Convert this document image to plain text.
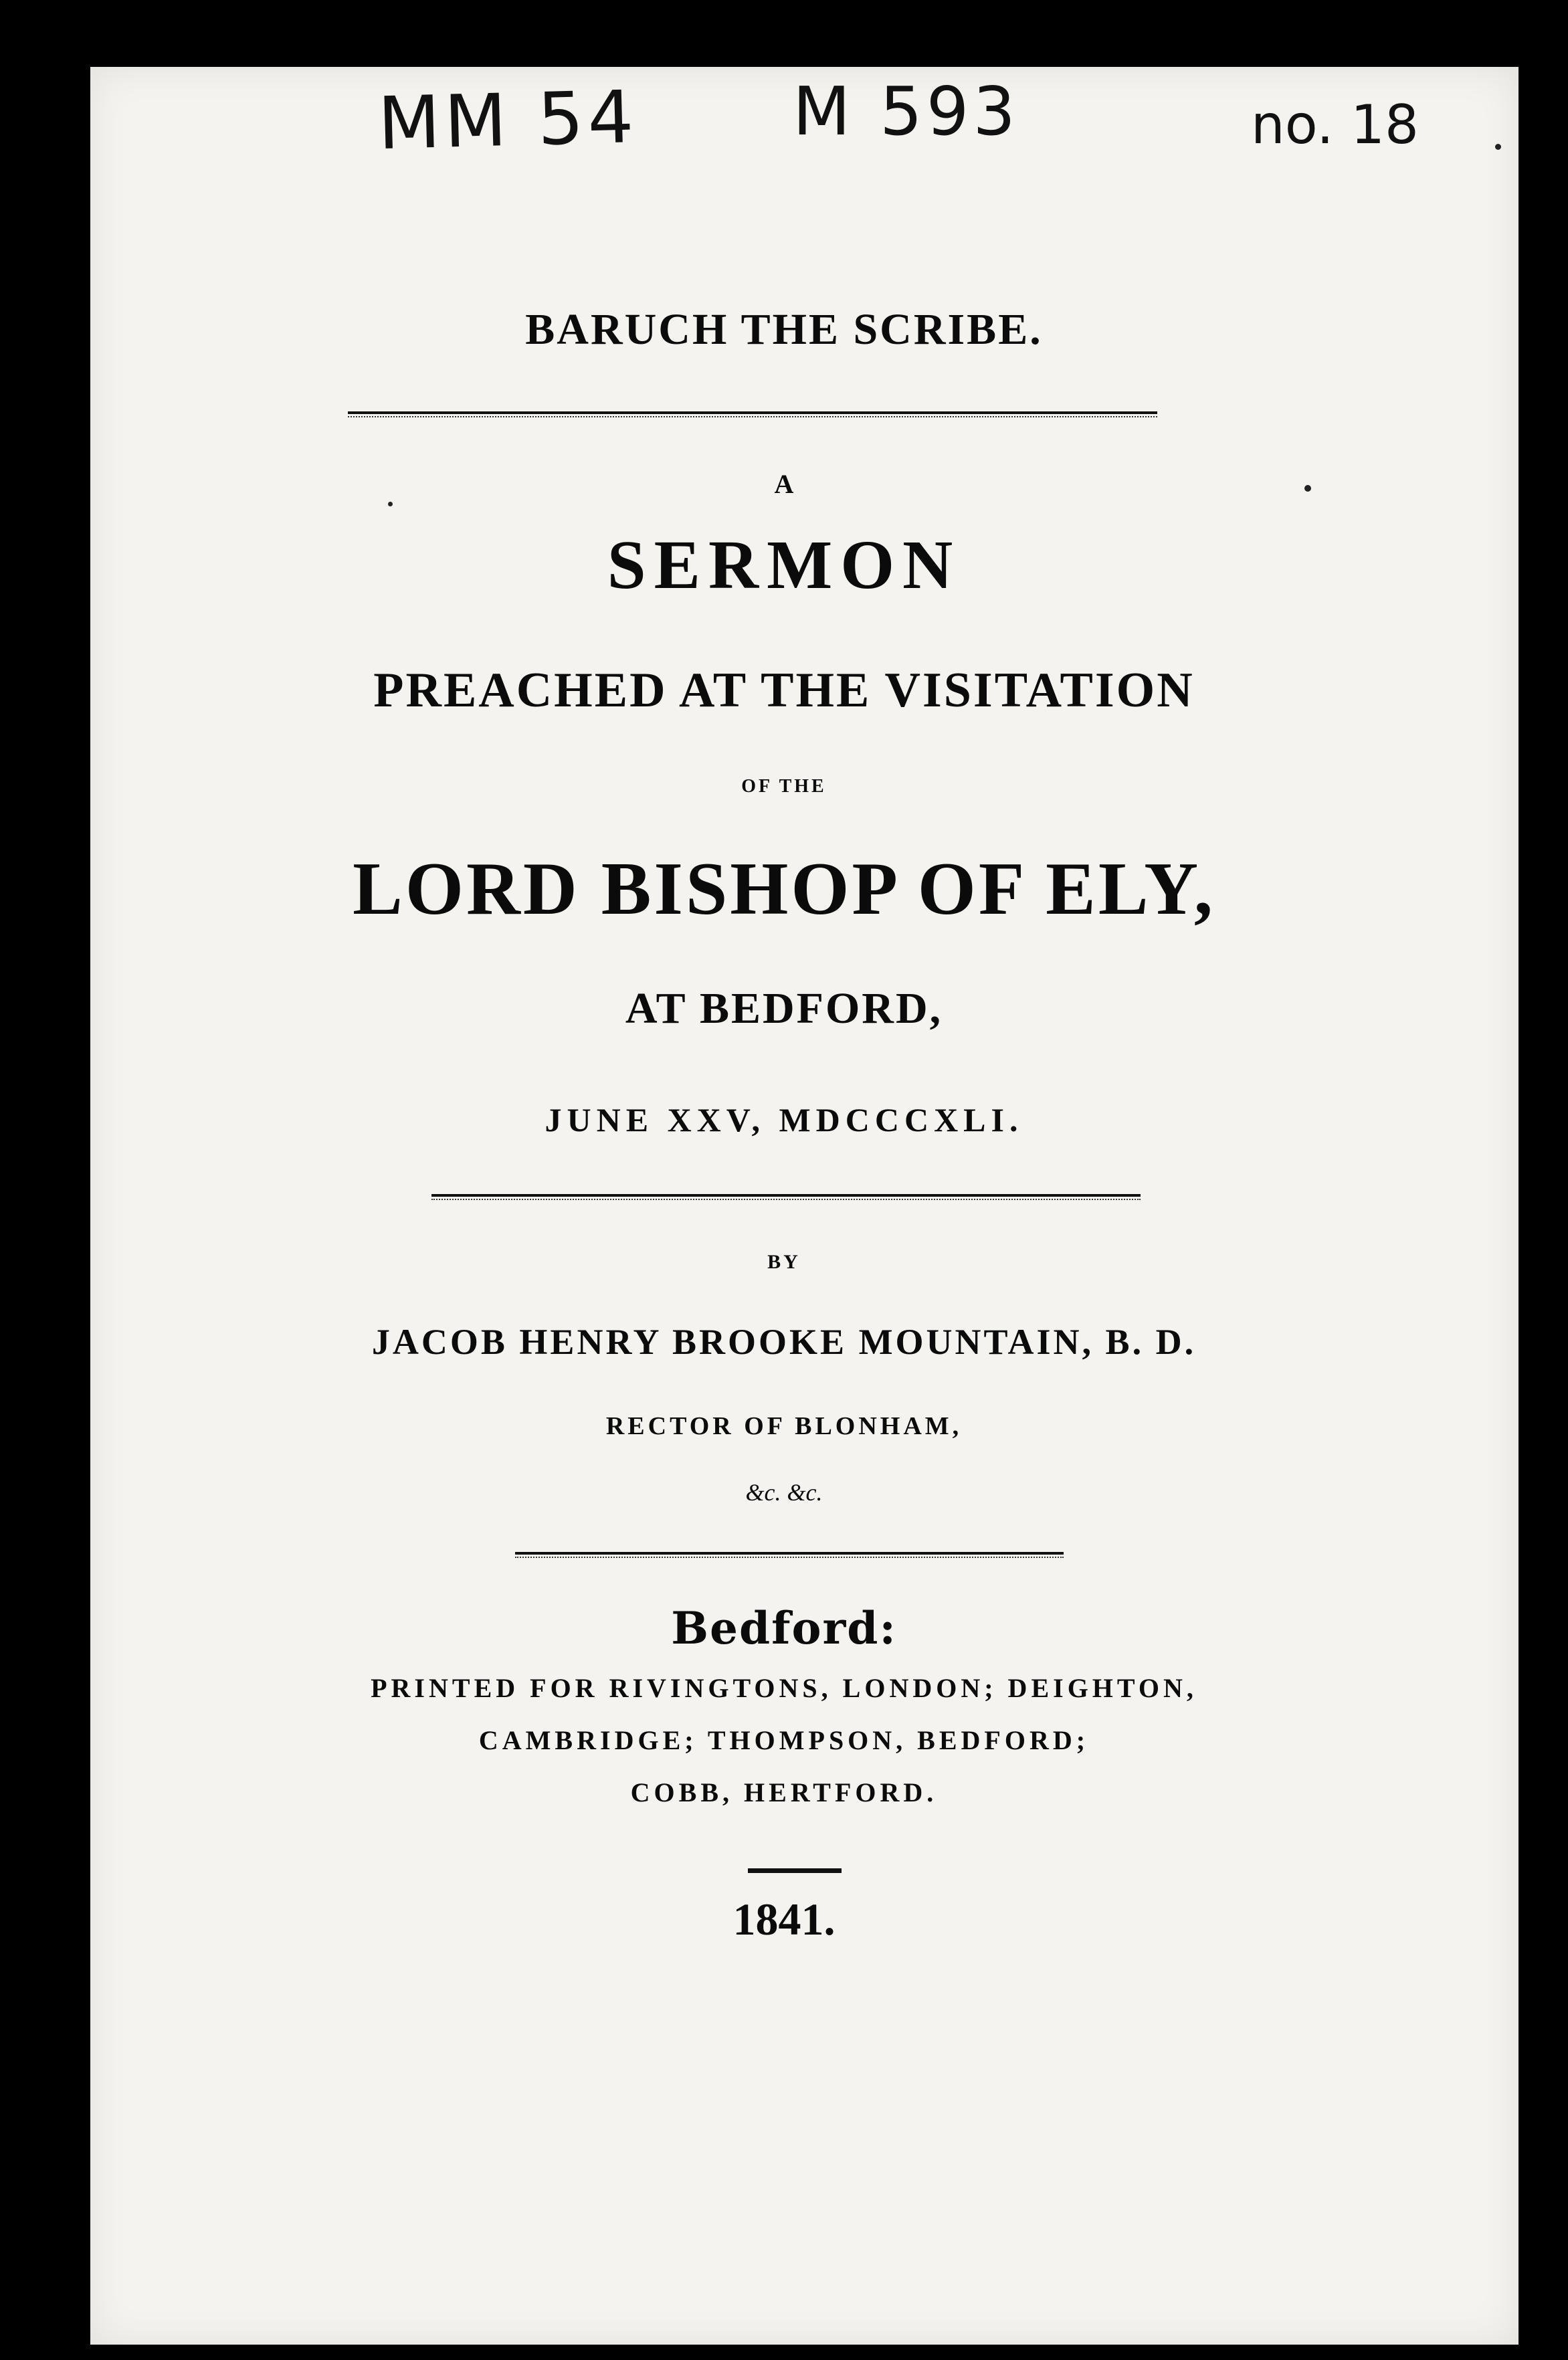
MM 54 M 593	no. 18
BARUCH THE SCRIBE.
A
SERMON
PREACHED AT THE VISITATION
OF THE
LORD BISHOP OF ELY,
AT BEDFORD,
JUNE XXV, MDCCCXLI.
BY
JACOB HENRY BROOKE MOUNTAIN, B. D.
RECTOR OF BLONHAM,
&c. &c.
Bedford:
PRINTED FOR RIVINGTONS, LONDON; DEIGHTON,
CAMBRIDGE; THOMPSON, BEDFORD;
COBB, HERTFORD.
1841.
